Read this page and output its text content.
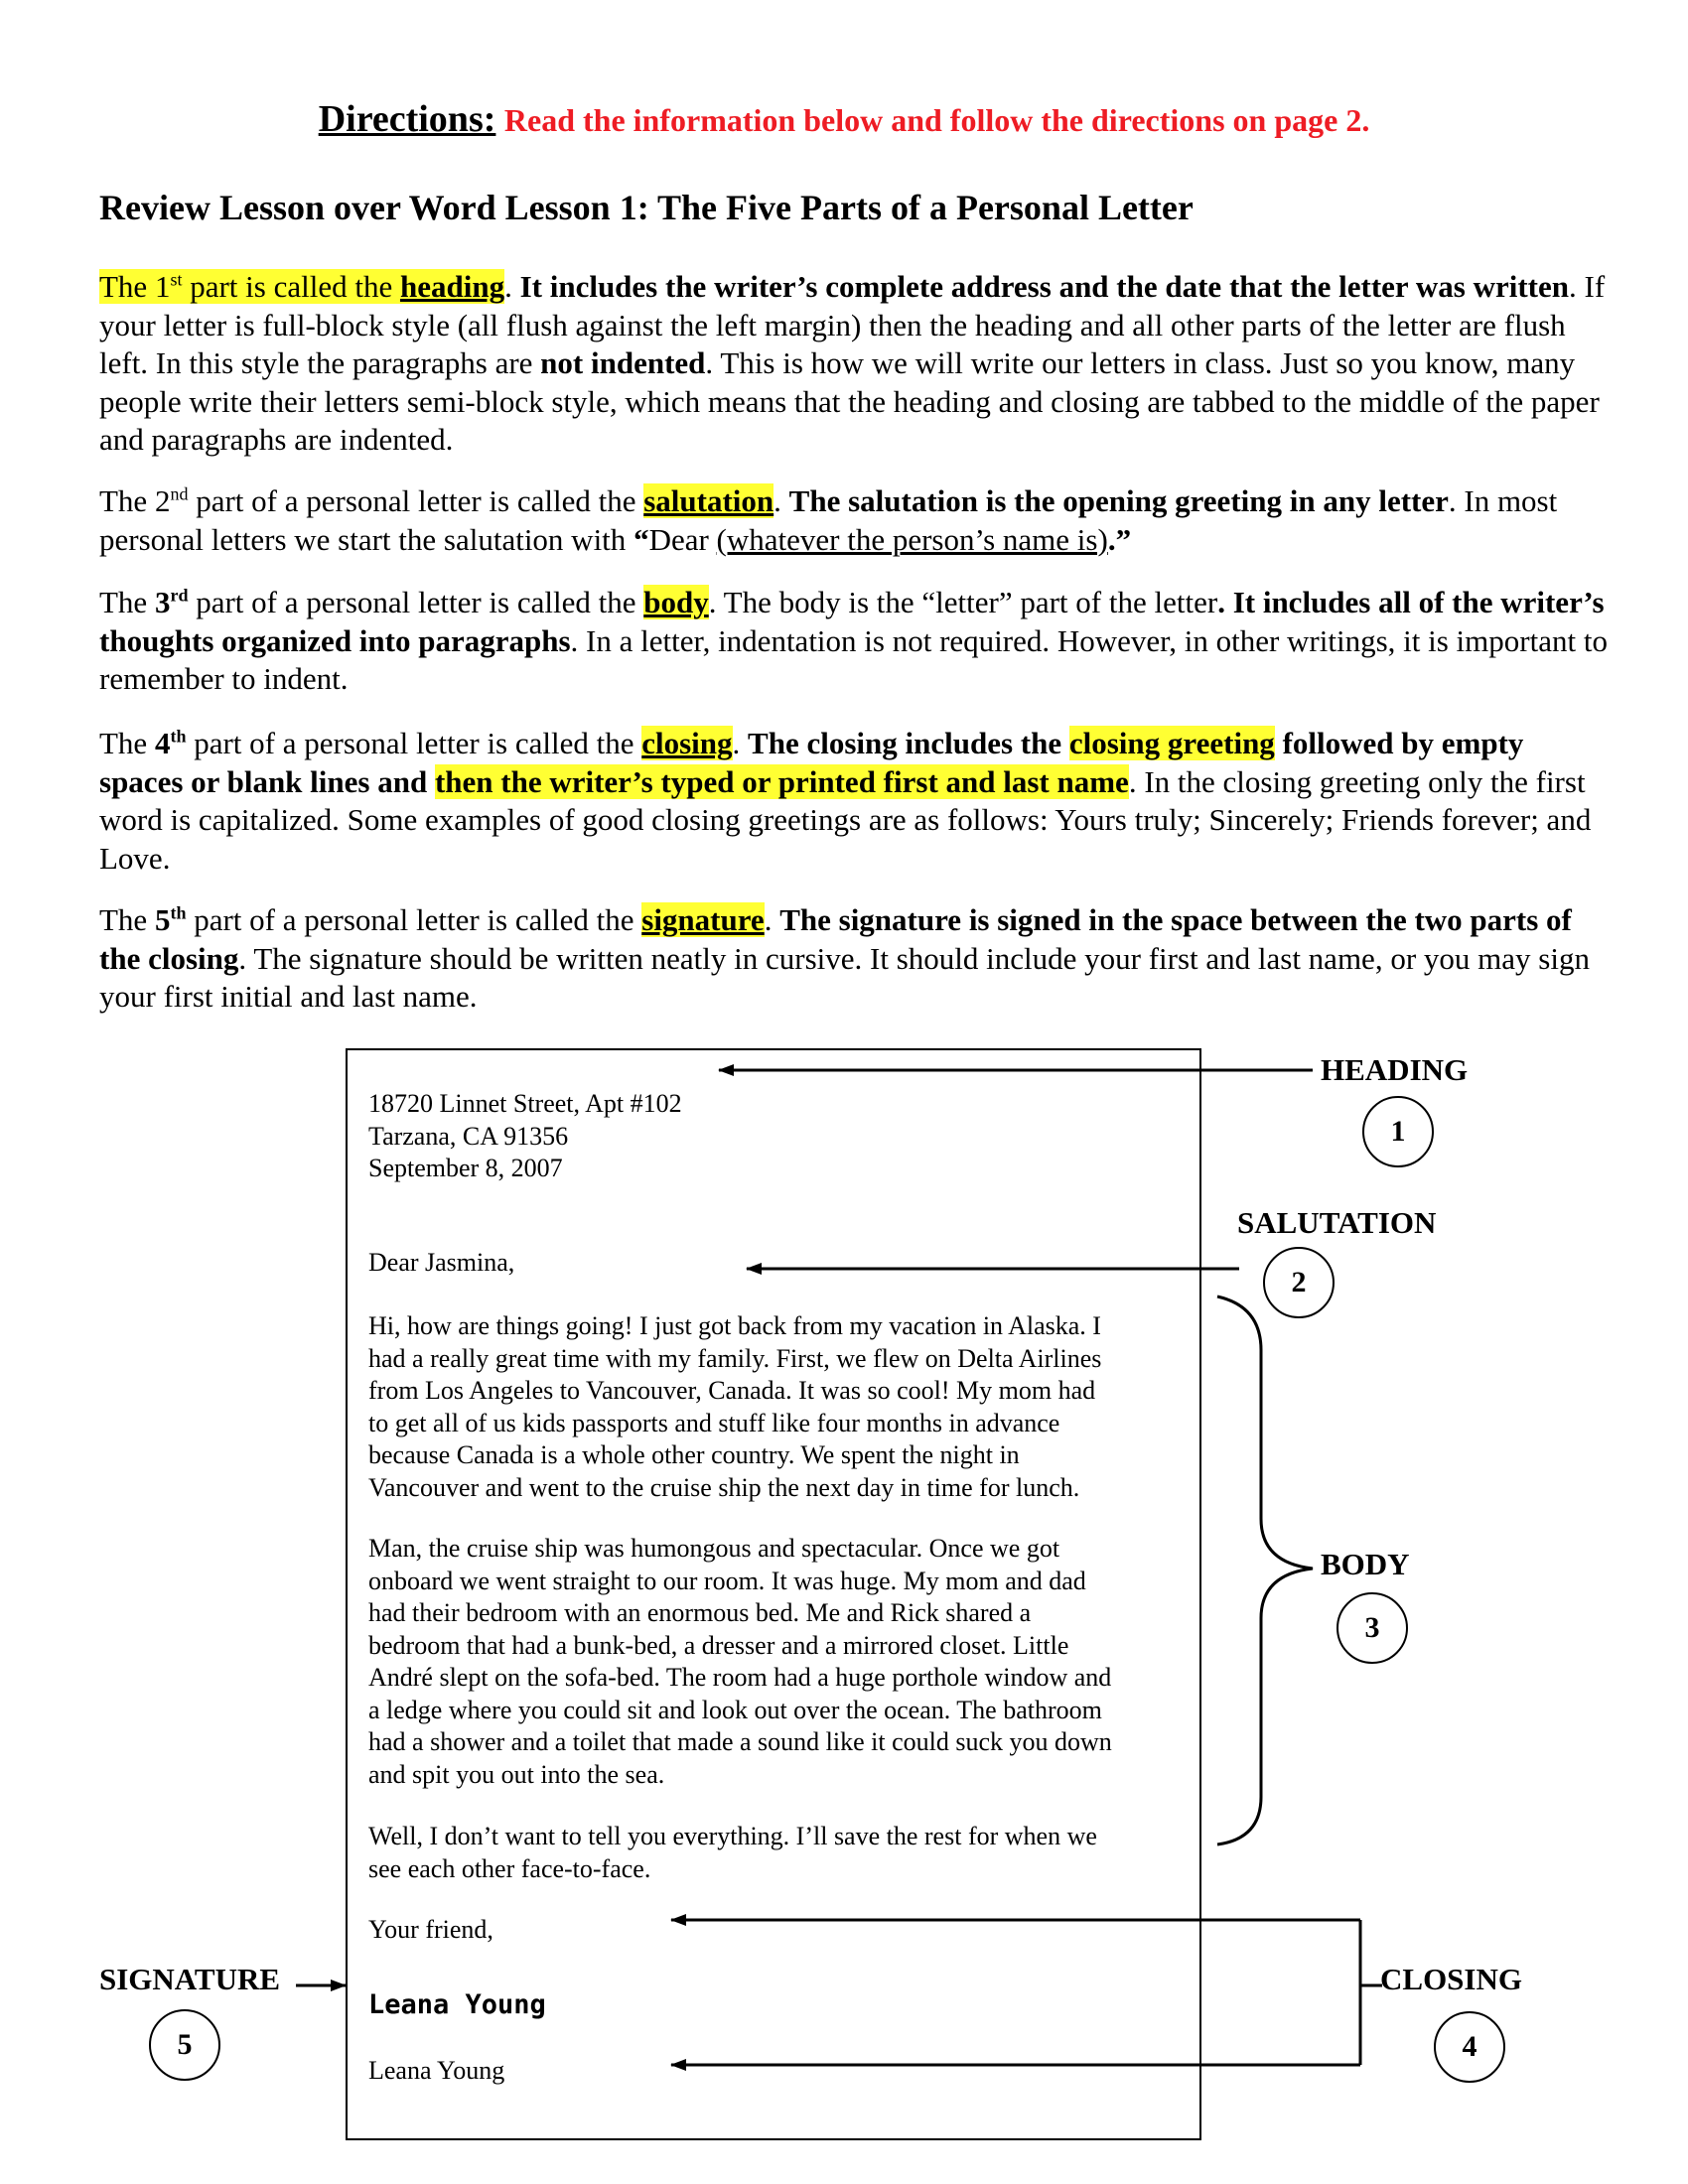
Directions: Read the information below and follow the directions on page 2.
Review Lesson over Word Lesson 1: The Five Parts of a Personal Letter
The 1st part is called the heading. It includes the writer’s complete address and the date that the letter was written. If your letter is full-block style (all flush against the left margin) then the heading and all other parts of the letter are flush left. In this style the paragraphs are not indented. This is how we will write our letters in class. Just so you know, many people write their letters semi-block style, which means that the heading and closing are tabbed to the middle of the paper and paragraphs are indented.
The 2nd part of a personal letter is called the salutation. The salutation is the opening greeting in any letter. In most personal letters we start the salutation with “Dear (whatever the person’s name is).”
The 3rd part of a personal letter is called the body. The body is the “letter” part of the letter. It includes all of the writer’s thoughts organized into paragraphs. In a letter, indentation is not required. However, in other writings, it is important to remember to indent.
The 4th part of a personal letter is called the closing. The closing includes the closing greeting followed by empty spaces or blank lines and then the writer’s typed or printed first and last name. In the closing greeting only the first word is capitalized. Some examples of good closing greetings are as follows: Yours truly; Sincerely; Friends forever; and Love.
The 5th part of a personal letter is called the signature. The signature is signed in the space between the two parts of the closing. The signature should be written neatly in cursive. It should include your first and last name, or you may sign your first initial and last name.
18720 Linnet Street, Apt #102
Tarzana, CA 91356
September 8, 2007
Dear Jasmina,
Hi, how are things going! I just got back from my vacation in Alaska. I
had a really great time with my family. First, we flew on Delta Airlines
from Los Angeles to Vancouver, Canada. It was so cool! My mom had
to get all of us kids passports and stuff like four months in advance
because Canada is a whole other country. We spent the night in
Vancouver and went to the cruise ship the next day in time for lunch.
Man, the cruise ship was humongous and spectacular. Once we got
onboard we went straight to our room. It was huge. My mom and dad
had their bedroom with an enormous bed. Me and Rick shared a
bedroom that had a bunk-bed, a dresser and a mirrored closet. Little
André slept on the sofa-bed. The room had a huge porthole window and
a ledge where you could sit and look out over the ocean. The bathroom
had a shower and a toilet that made a sound like it could suck you down
and spit you out into the sea.
Well, I don’t want to tell you everything. I’ll save the rest for when we
see each other face-to-face.
Your friend,
Leana Young
Leana Young
HEADING
1
SALUTATION
2
BODY
3
CLOSING
4
SIGNATURE
5
